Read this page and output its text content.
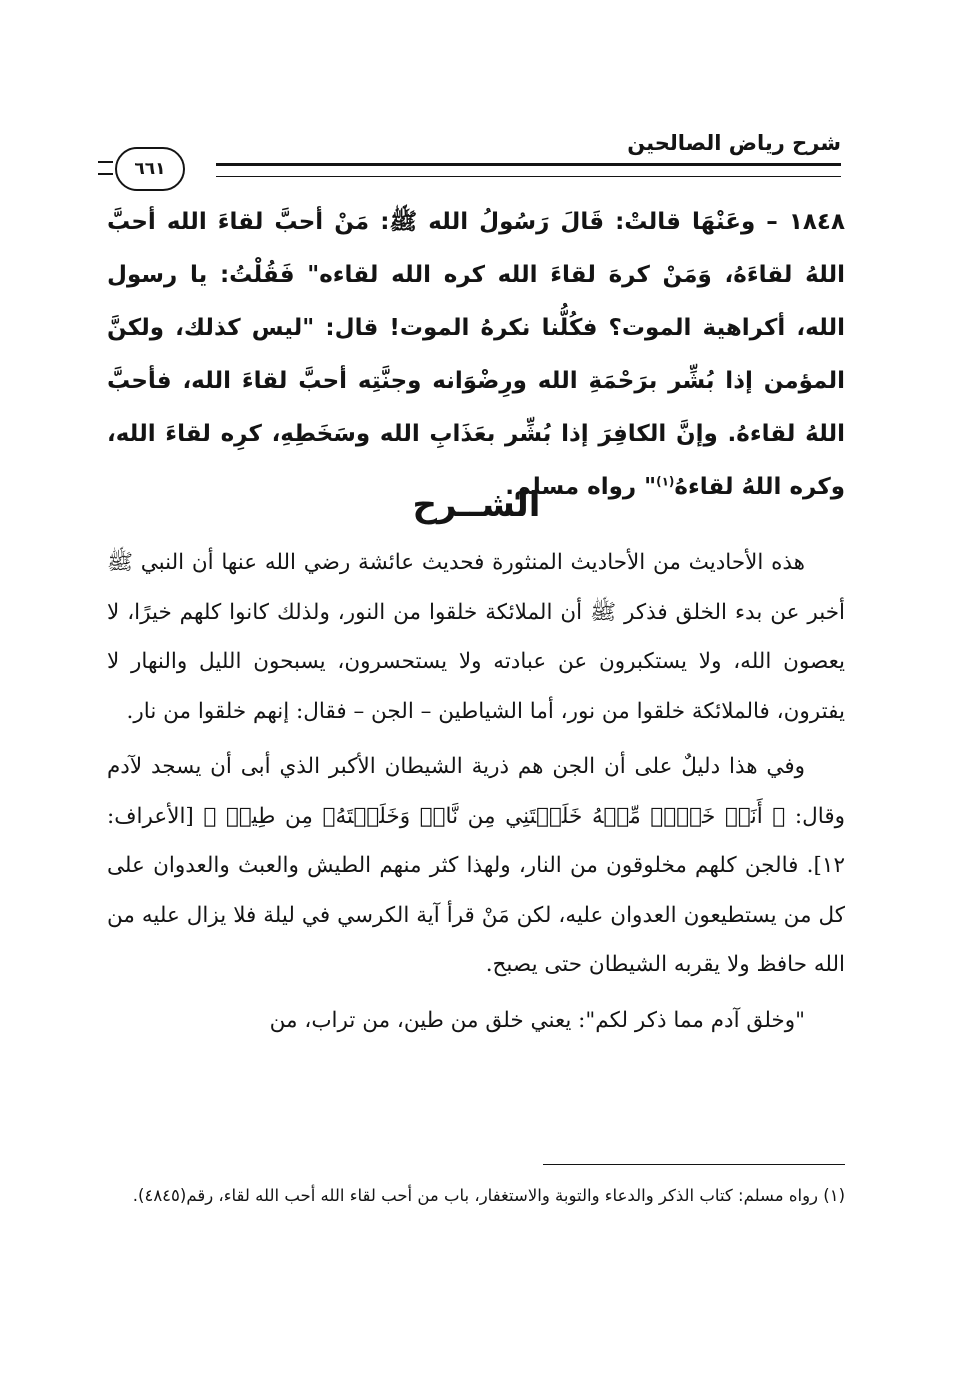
شرح رياض الصالحين
٦٦١
١٨٤٨ – وعَنْهَا قالتْ: قَالَ رَسُولُ الله ﷺ: مَنْ أحبَّ لقاءَ الله أحبَّ اللهُ لقاءَهُ، وَمَنْ كرهَ لقاءَ الله كره الله لقاءه" فَقُلْتُ: يا رسول الله، أكراهية الموت؟ فكُلُّنا نكرهُ الموت! قال: "ليس كذلك، ولكنَّ المؤمن إذا بُشِّر برَحْمَةِ الله ورِضْوَانه وجنَّتِه أحبَّ لقاءَ الله، فأحبَّ اللهُ لقاءهُ. وإنَّ الكافِرَ إذا بُشِّر بعَذَابِ الله وسَخَطِهِ، كرِه لقاءَ الله، وكره اللهُ لقاءهُ$^{(١)}$" رواه مسلم.
الشــرح

هذه الأحاديث من الأحاديث المنثورة فحديث عائشة رضي الله عنها أن النبي ﷺ أخبر عن بدء الخلق فذكر ﷺ أن الملائكة خلقوا من النور، ولذلك كانوا كلهم خيرًا، لا يعصون الله، ولا يستكبرون عن عبادته ولا يستحسرون، يسبحون الليل والنهار لا يفترون، فالملائكة خلقوا من نور، أما الشياطين – الجن – فقال: إنهم خلقوا من نار.

وفي هذا دليلٌ على أن الجن هم ذرية الشيطان الأكبر الذي أبى أن يسجد لآدم وقال: ﴿ أَنَا۠ خَيۡرٞ مِّنۡهُ خَلَقۡتَنِي مِن نَّارٖ وَخَلَقۡتَهُۥ مِن طِينٖ ﴾ [الأعراف: ١٢]. فالجن كلهم مخلوقون من النار، ولهذا كثر منهم الطيش والعبث والعدوان على كل من يستطيعون العدوان عليه، لكن مَنْ قرأ آية الكرسي في ليلة فلا يزال عليه من الله حافظ ولا يقربه الشيطان حتى يصبح.

"وخلق آدم مما ذكر لكم": يعني خلق من طين، من تراب، من

(١) رواه مسلم: كتاب الذكر والدعاء والتوبة والاستغفار، باب من أحب لقاء الله أحب الله لقاء، رقم(٤٨٤٥).
